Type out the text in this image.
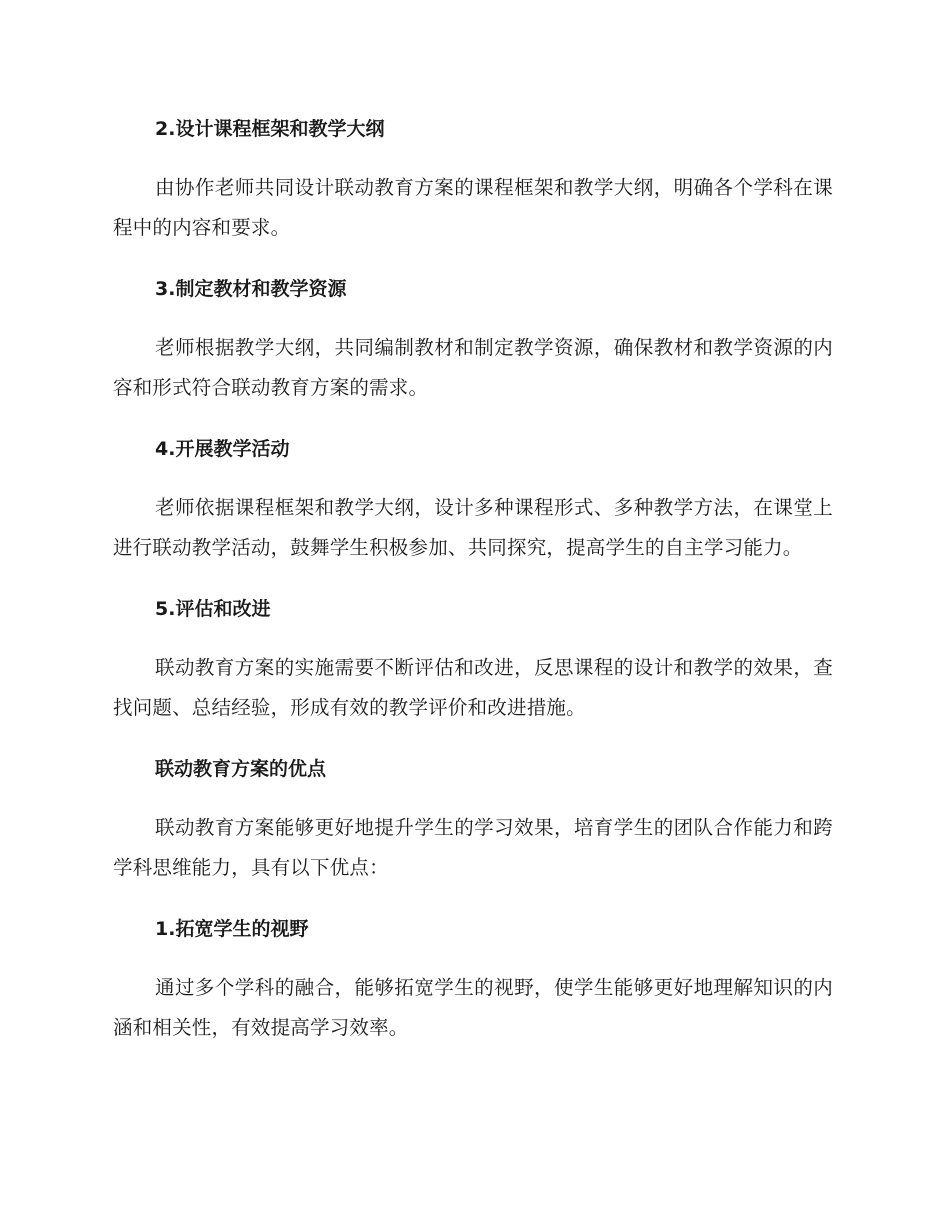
2.设计课程框架和教学大纲

由协作老师共同设计联动教育方案的课程框架和教学大纲，明确各个学科在课程中的内容和要求。

3.制定教材和教学资源

老师根据教学大纲，共同编制教材和制定教学资源，确保教材和教学资源的内容和形式符合联动教育方案的需求。

4.开展教学活动

老师依据课程框架和教学大纲，设计多种课程形式、多种教学方法，在课堂上进行联动教学活动，鼓舞学生积极参加、共同探究，提高学生的自主学习能力。

5.评估和改进

联动教育方案的实施需要不断评估和改进，反思课程的设计和教学的效果，查找问题、总结经验，形成有效的教学评价和改进措施。

联动教育方案的优点

联动教育方案能够更好地提升学生的学习效果，培育学生的团队合作能力和跨学科思维能力，具有以下优点：

1.拓宽学生的视野

通过多个学科的融合，能够拓宽学生的视野，使学生能够更好地理解知识的内涵和相关性，有效提高学习效率。
